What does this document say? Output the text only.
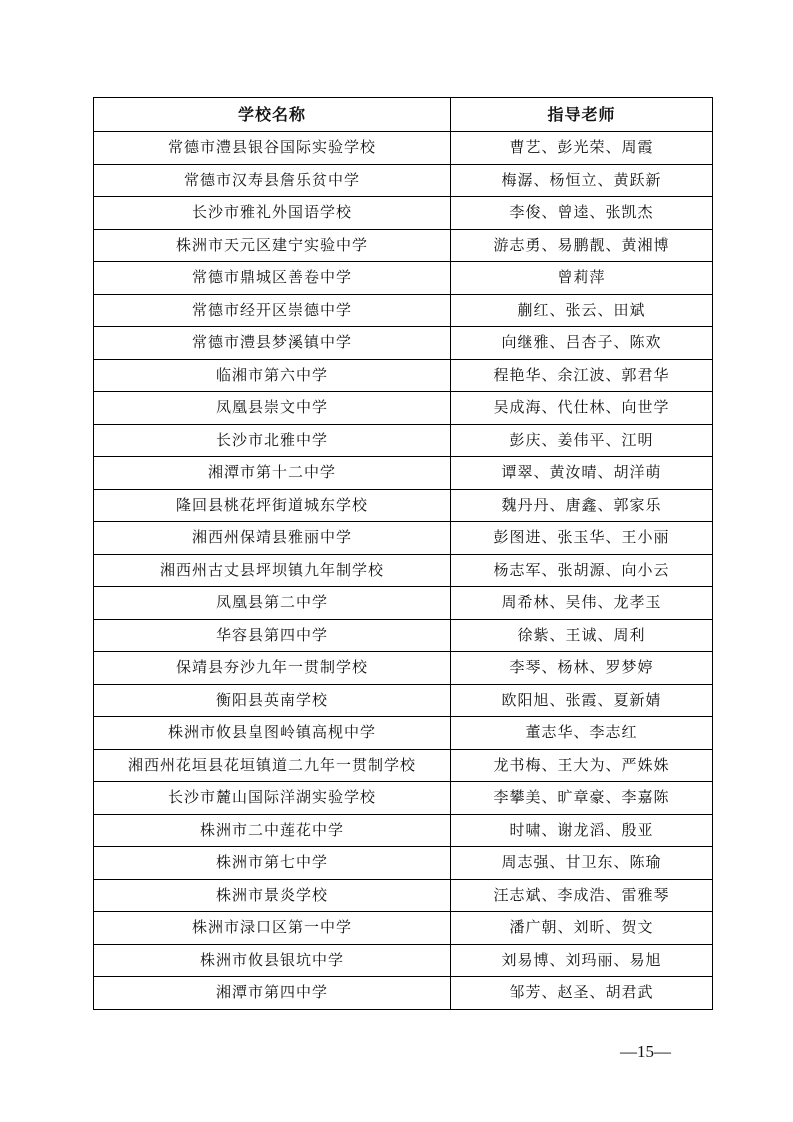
学校名称	指导老师
常德市澧县银谷国际实验学校	曹艺、彭光荣、周霞
常德市汉寿县詹乐贫中学	梅潺、杨恒立、黄跃新
长沙市雅礼外国语学校	李俊、曾逵、张凯杰
株洲市天元区建宁实验中学	游志勇、易鹏靓、黄湘博
常德市鼎城区善卷中学	曾莉萍
常德市经开区崇德中学	蒯红、张云、田斌
常德市澧县梦溪镇中学	向继雅、吕杏子、陈欢
临湘市第六中学	程艳华、余江波、郭君华
凤凰县崇文中学	吴成海、代仕林、向世学
长沙市北雅中学	彭庆、姜伟平、江明
湘潭市第十二中学	谭翠、黄汝晴、胡洋萌
隆回县桃花坪街道城东学校	魏丹丹、唐鑫、郭家乐
湘西州保靖县雅丽中学	彭图进、张玉华、王小丽
湘西州古丈县坪坝镇九年制学校	杨志军、张胡源、向小云
凤凰县第二中学	周希林、吴伟、龙孝玉
华容县第四中学	徐紫、王诚、周利
保靖县夯沙九年一贯制学校	李琴、杨林、罗梦婷
衡阳县英南学校	欧阳旭、张霞、夏新婧
株洲市攸县皇图岭镇高枧中学	董志华、李志红
湘西州花垣县花垣镇道二九年一贯制学校	龙书梅、王大为、严姝姝
长沙市麓山国际洋湖实验学校	李攀美、旷章豪、李嘉陈
株洲市二中莲花中学	时啸、谢龙滔、殷亚
株洲市第七中学	周志强、甘卫东、陈瑜
株洲市景炎学校	汪志斌、李成浩、雷雅琴
株洲市渌口区第一中学	潘广朝、刘昕、贺文
株洲市攸县银坑中学	刘易博、刘玛丽、易旭
湘潭市第四中学	邹芳、赵圣、胡君武
—15—
